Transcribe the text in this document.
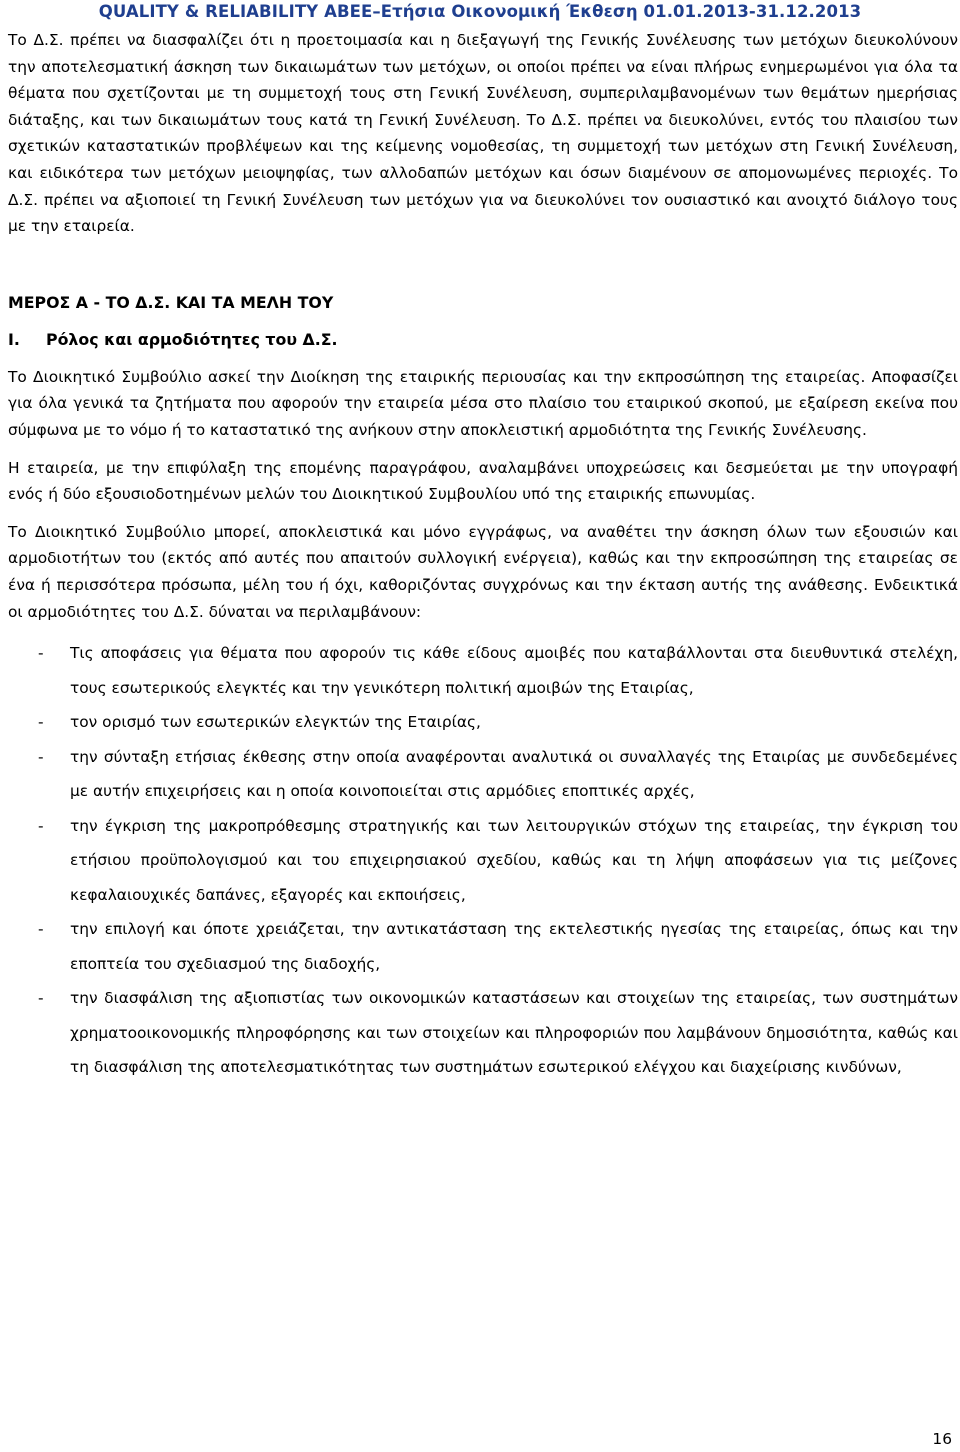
QUALITY & RELIABILITY ΑΒΕΕ–Ετήσια Οικονομική Έκθεση 01.01.2013-31.12.2013

Το Δ.Σ. πρέπει να διασφαλίζει ότι η προετοιμασία και η διεξαγωγή της Γενικής Συνέλευσης των μετόχων διευκολύνουν την αποτελεσματική άσκηση των δικαιωμάτων των μετόχων, οι οποίοι πρέπει να είναι πλήρως ενημερωμένοι για όλα τα θέματα που σχετίζονται με τη συμμετοχή τους στη Γενική Συνέλευση, συμπεριλαμβανομένων των θεμάτων ημερήσιας διάταξης, και των δικαιωμάτων τους κατά τη Γενική Συνέλευση. Το Δ.Σ. πρέπει να διευκολύνει, εντός του πλαισίου των σχετικών καταστατικών προβλέψεων και της κείμενης νομοθεσίας, τη συμμετοχή των μετόχων στη Γενική Συνέλευση, και ειδικότερα των μετόχων μειοψηφίας, των αλλοδαπών μετόχων και όσων διαμένουν σε απομονωμένες περιοχές. Το Δ.Σ. πρέπει να αξιοποιεί τη Γενική Συνέλευση των μετόχων για να διευκολύνει τον ουσιαστικό και ανοιχτό διάλογο τους με την εταιρεία.

ΜΕΡΟΣ Α - ΤΟ Δ.Σ. ΚΑΙ ΤΑ ΜΕΛΗ ΤΟΥ

Ι.	Ρόλος και αρμοδιότητες του Δ.Σ.

Το Διοικητικό Συμβούλιο ασκεί την Διοίκηση της εταιρικής περιουσίας και την εκπροσώπηση της εταιρείας. Αποφασίζει για όλα γενικά τα ζητήματα που αφορούν την εταιρεία μέσα στο πλαίσιο του εταιρικού σκοπού, με εξαίρεση εκείνα που σύμφωνα με το νόμο ή το καταστατικό της ανήκουν στην αποκλειστική αρμοδιότητα της Γενικής Συνέλευσης.

Η εταιρεία, με την επιφύλαξη της επομένης παραγράφου, αναλαμβάνει υποχρεώσεις και δεσμεύεται με την υπογραφή ενός ή δύο εξουσιοδοτημένων μελών του Διοικητικού Συμβουλίου υπό της εταιρικής επωνυμίας.

Το Διοικητικό Συμβούλιο μπορεί, αποκλειστικά και μόνο εγγράφως, να αναθέτει την άσκηση όλων των εξουσιών και αρμοδιοτήτων του (εκτός από αυτές που απαιτούν συλλογική ενέργεια), καθώς και την εκπροσώπηση της εταιρείας σε ένα ή περισσότερα πρόσωπα, μέλη του ή όχι, καθοριζόντας συγχρόνως και την έκταση αυτής της ανάθεσης. Ενδεικτικά οι αρμοδιότητες του Δ.Σ. δύναται να περιλαμβάνουν:

-	Τις αποφάσεις για θέματα που αφορούν τις κάθε είδους αμοιβές που καταβάλλονται στα διευθυντικά στελέχη, τους εσωτερικούς ελεγκτές και την γενικότερη πολιτική αμοιβών της Εταιρίας,
-	τον ορισμό των εσωτερικών ελεγκτών της Εταιρίας,
-	την σύνταξη ετήσιας έκθεσης στην οποία αναφέρονται αναλυτικά οι συναλλαγές της Εταιρίας με συνδεδεμένες με αυτήν επιχειρήσεις και η οποία κοινοποιείται στις αρμόδιες εποπτικές αρχές,
-	την έγκριση της μακροπρόθεσμης στρατηγικής και των λειτουργικών στόχων της εταιρείας, την έγκριση του ετήσιου προϋπολογισμού και του επιχειρησιακού σχεδίου, καθώς και τη λήψη αποφάσεων για τις μείζονες κεφαλαιουχικές δαπάνες, εξαγορές και εκποιήσεις,
-	την επιλογή και όποτε χρειάζεται, την αντικατάσταση της εκτελεστικής ηγεσίας της εταιρείας, όπως και την εποπτεία του σχεδιασμού της διαδοχής,
-	την διασφάλιση της αξιοπιστίας των οικονομικών καταστάσεων και στοιχείων της εταιρείας, των συστημάτων χρηματοοικονομικής πληροφόρησης και των στοιχείων και πληροφοριών που λαμβάνουν δημοσιότητα, καθώς και τη διασφάλιση της αποτελεσματικότητας των συστημάτων εσωτερικού ελέγχου και διαχείρισης κινδύνων,
16
